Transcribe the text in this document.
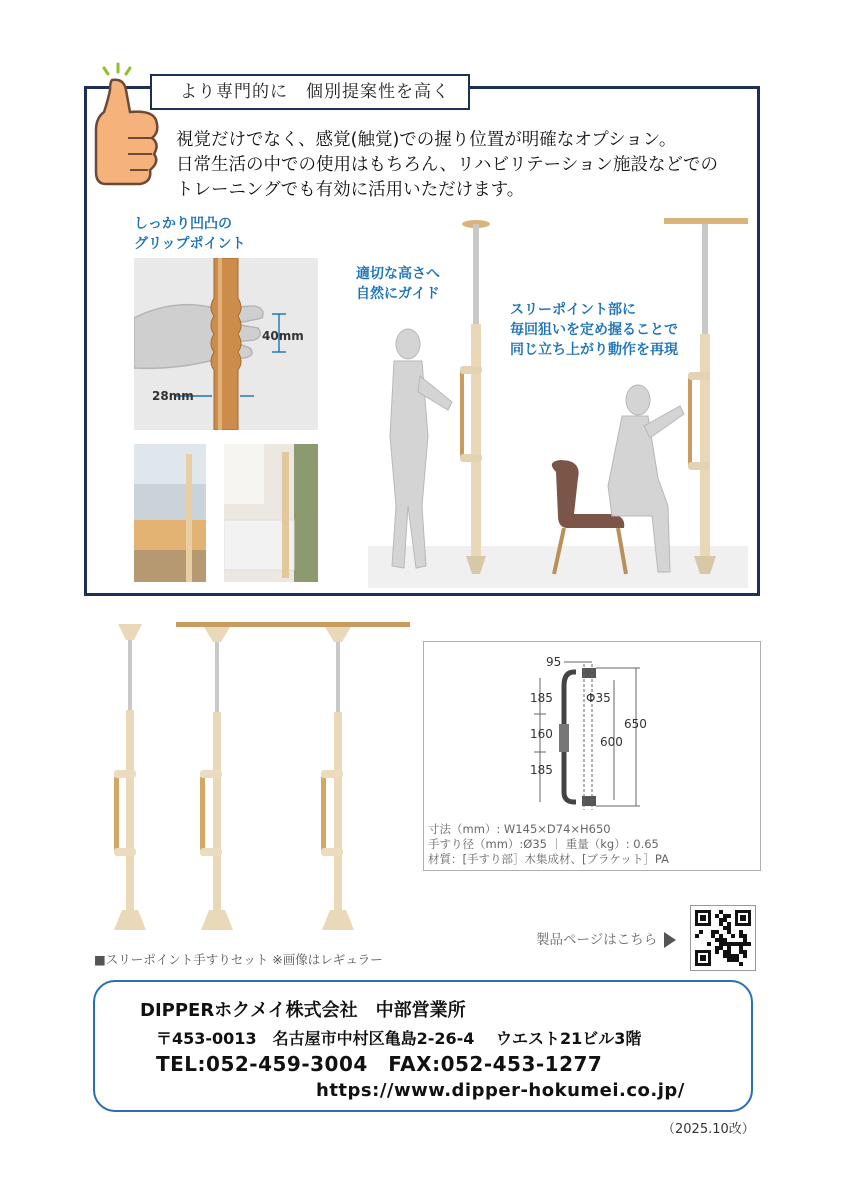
より専門的に　個別提案性を高く
視覚だけでなく、感覚(触覚)での握り位置が明確なオプション。
日常生活の中での使用はもちろん、リハビリテーション施設などでの
トレーニングでも有効に活用いただけます。
しっかり凹凸の
グリップポイント
40mm
28mm
適切な高さへ
自然にガイド
スリーポイント部に
毎回狙いを定め握ることで
同じ立ち上がり動作を再現
■スリーポイント手すりセット ※画像はレギュラー
95
Φ35
185
160
185
600
650
寸法（mm）: W145×D74×H650
手すり径（mm）:Ø35 ｜ 重量（kg）: 0.65
材質：[手すり部］木集成材、[ブラケット］PA
製品ページはこちら
DIPPERホクメイ株式会社　中部営業所
〒453-0013　名古屋市中村区亀島2-26-4　 ウエスト21ビル3階
TEL:052-459-3004　FAX:052-453-1277
https://www.dipper-hokumei.co.jp/
（2025.10改）
